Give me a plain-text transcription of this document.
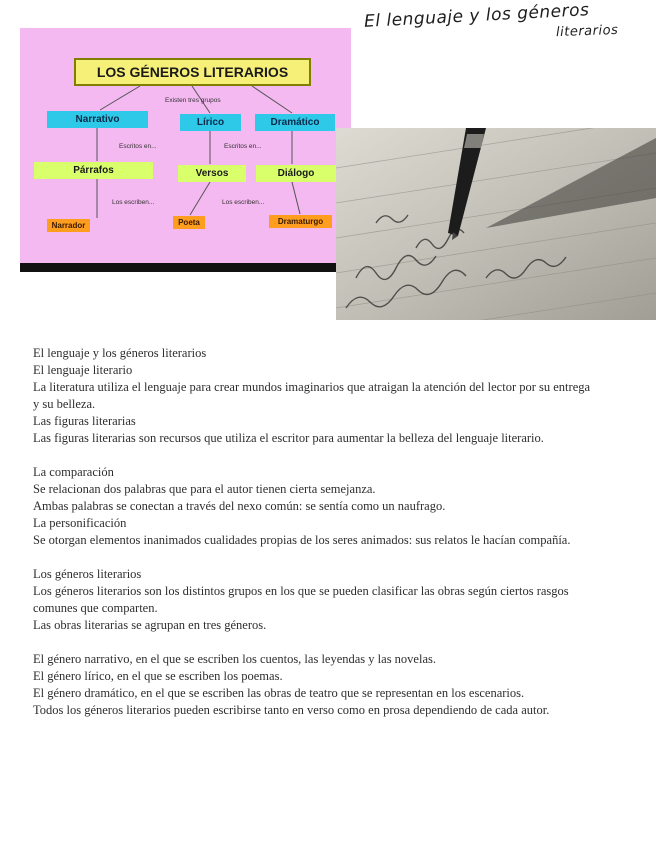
El lenguaje y los géneros
literarios
LOS GÉNEROS LITERARIOS
Existen tres grupos
Narrativo	Lírico	Dramático
Escritos en...	Escritos en...
Párrafos	Versos	Diálogo
Los escriben...	Los escriben...
Narrador	Poeta	Dramaturgo

El lenguaje y los géneros literarios

El lenguaje literario

La literatura utiliza el lenguaje para crear mundos imaginarios que atraigan la atención del lector por su entrega y su belleza.

Las figuras literarias

Las figuras literarias son recursos que utiliza el escritor para aumentar la belleza del lenguaje literario.

La comparación

Se relacionan dos palabras que para el autor tienen cierta semejanza.

Ambas palabras se conectan a través del nexo común: se sentía como un naufrago.

La personificación

Se otorgan elementos inanimados cualidades propias de los seres animados: sus relatos le hacían compañía.

Los géneros literarios

Los géneros literarios son los distintos grupos en los que se pueden clasificar las obras según ciertos rasgos comunes que comparten.

Las obras literarias se agrupan en tres géneros.

El género narrativo, en el que se escriben los cuentos, las leyendas y las novelas.

El género lírico, en el que se escriben los poemas.

El género dramático, en el que se escriben las obras de teatro que se representan en los escenarios.

Todos los géneros literarios pueden escribirse tanto en verso como en prosa dependiendo de cada autor.
